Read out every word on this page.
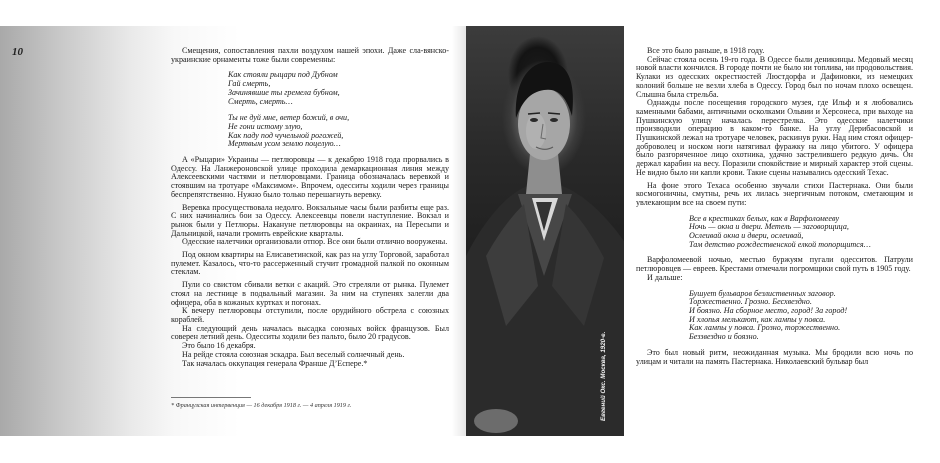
10	Смещения, сопоставления пахли воздухом нашей эпохи. Даже сла-вянско-украинские орнаменты тоже были современны:

Как стояли рыцари под Дубном

Гай смерть,

Зачинявшие ты гремела бубном,

Смерть, смерть…

Ты не дуй мне, ветер божий, в очи,

Не гони истому злую,

Как паду под чучельной рогожей,

Мертвым усом землю поцелую…

А «Рыцари» Украины — петлюровцы — к декабрю 1918 года прорвались в Одессу. На Ланжероновской улице проходила демаркационная линия между Алексеевскими частями и петлюровцами. Граница обозначалась веревкой и стоявшим на тротуаре «Максимом». Впрочем, одесситы ходили через границы беспрепятственно. Нужно было только перешагнуть веревку.

Веревка просуществовала недолго. Вокзальные часы были разбиты еще раз. С них начинались бои за Одессу. Алексеевцы повели наступление. Вокзал и рынок были у Петлюры. Накануне петлюровцы на окраинах, на Пересыпи и Дальницкой, начали громить еврейские кварталы.

Одесские налетчики организовали отпор. Все они были отлично вооружены.

Под окном квартиры на Елисаветинской, как раз на углу Торговой, заработал пулемет. Казалось, что-то рассерженный стучит громадной палкой по оконным стеклам.

Пули со свистом сбивали ветки с акаций. Это стреляли от рынка. Пулемет стоял на лестнице в подвальный магазин. За ним на ступенях залегли два офицера, оба в кожаных куртках и погонах.

К вечеру петлюровцы отступили, после орудийного обстрела с союзных кораблей.

На следующий день началась высадка союзных войск французов. Был соверен летний день. Одесситы ходили без пальто, было 20 градусов.

Это было 16 декабря.

На рейде стояла союзная эскадра. Был веселый солнечный день.

Так началась оккупация генерала Франше Д’Еспере.*

* Французская интервенция — 16 декабря 1918 г. — 4 апреля 1919 г.	Евгений Окс. Москва, 1920-е.

Все это было раньше, в 1918 году.

Сейчас стояла осень 19-го года. В Одессе были деникинцы. Медовый месяц новой власти кончился. В городе почти не было ни топлива, ни продовольствия. Кулаки из одесских окрестностей Люстдорфа и Дафиновки, из немецких колоний больше не везли хлеба в Одессу. Город был по ночам плохо освещен. Слышна была стрельба.

Однажды после посещения городского музея, где Ильф и я любовались каменными бабами, античными осколками Ольвии и Херсонеса, при выходе на Пушкинскую улицу началась перестрелка. Это одесские налетчики производили операцию в каком-то банке. На углу Дерибасовской и Пушкинской лежал на тротуаре человек, раскинув руки. Над ним стоял офицер-доброволец и носком ноги натягивал фуражку на лицо убитого. У офицера было разгоряченное лицо охотника, удачно застрелившего редкую дичь. Он держал карабин на весу. Поразили спокойствие и мирный характер этой сцены. Не видно было ни капли крови. Такие сцены назывались одесский Техас.

На фоне этого Техаса особенно звучали стихи Пастернака. Они были космогоничны, смутны, речь их лилась энергичным потоком, сметающим и увлекающим все на своем пути:

Все в крестиках белых, как в Варфоломееву

Ночь — окна и двери. Метель — заговорщица,

Ослеивай окна и двери, ослеивай,

Там детство рождественской елкой топорщится…

Варфоломеевой ночью, местью буржуям пугали одесситов. Патрули петлюровцев — евреев. Крестами отмечали погромщики свой путь в 1905 году.

И дальше:

Бушует бульваров безлиственных заговор.

Торжественно. Грозно. Бесхвездно.

И боязно. На сборное место, город! За город!

И хлопья мелькают, как лампы у повса.

Как лампы у повса. Грозно, торжественно.

Беззвездно и боязно.

Это был новый ритм, неожиданная музыка. Мы бродили всю ночь по улицам и читали на память Пастернака. Николаевский бульвар был
